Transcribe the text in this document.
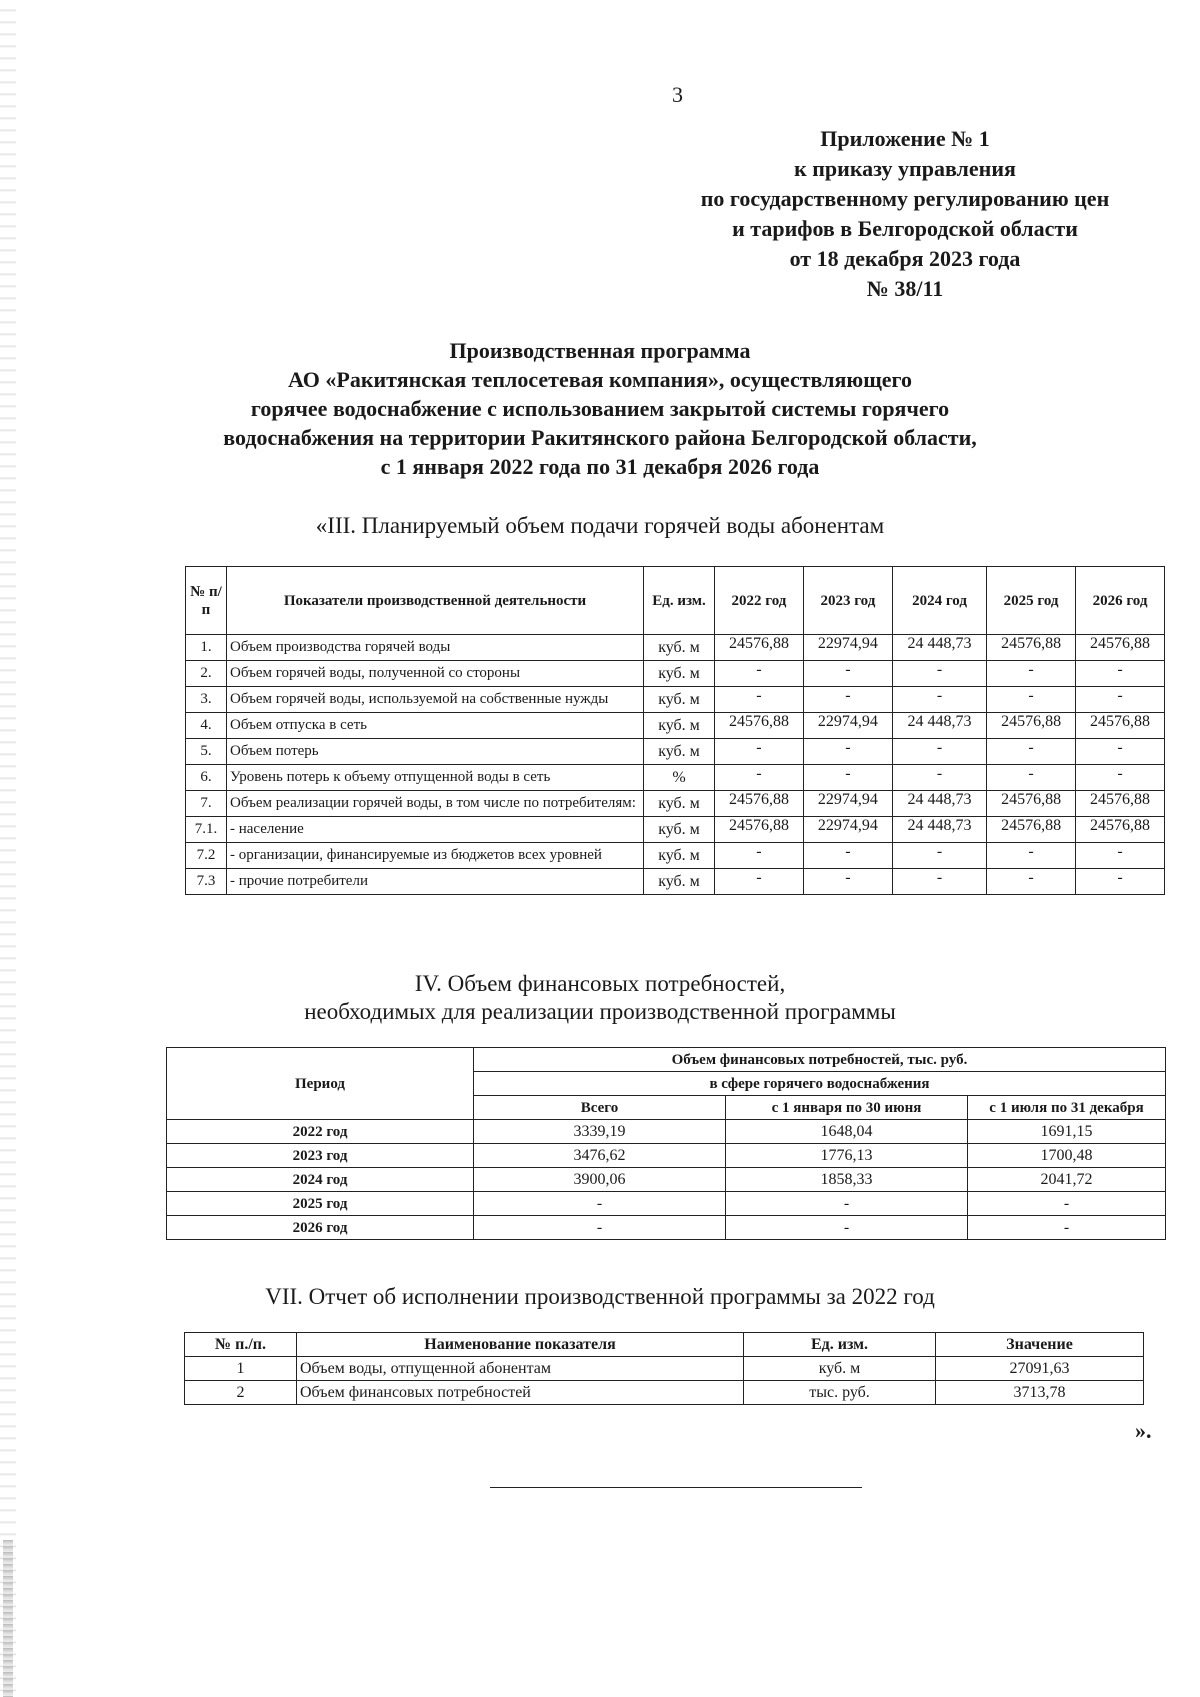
3
Приложение № 1
к приказу управления
по государственному регулированию цен
и тарифов в Белгородской области
от 18 декабря 2023 года
№ 38/11
Производственная программа
АО «Ракитянская теплосетевая компания», осуществляющего
горячее водоснабжение с использованием закрытой системы горячего
водоснабжения на территории Ракитянского района Белгородской области,
с 1 января 2022 года по 31 декабря 2026 года
«III. Планируемый объем подачи горячей воды абонентам
№ п/ п	Показатели производственной деятельности	Ед. изм.	2022 год	2023 год	2024 год	2025 год	2026 год
1.	Объем производства горячей воды	куб. м	24576,88	22974,94	24 448,73	24576,88	24576,88
2.	Объем горячей воды, полученной со стороны	куб. м	-	-	-	-	-
3.	Объем горячей воды, используемой на собственные нужды	куб. м	-	-	-	-	-
4.	Объем отпуска в сеть	куб. м	24576,88	22974,94	24 448,73	24576,88	24576,88
5.	Объем потерь	куб. м	-	-	-	-	-
6.	Уровень потерь к объему отпущенной воды в сеть	%	-	-	-	-	-
7.	Объем реализации горячей воды, в том числе по потребителям:	куб. м	24576,88	22974,94	24 448,73	24576,88	24576,88
7.1.	- население	куб. м	24576,88	22974,94	24 448,73	24576,88	24576,88
7.2	- организации, финансируемые из бюджетов всех уровней	куб. м	-	-	-	-	-
7.3	- прочие потребители	куб. м	-	-	-	-	-
IV. Объем финансовых потребностей,
необходимых для реализации производственной программы
Период	Объем финансовых потребностей, тыс. руб.		
	в сфере горячего водоснабжения		
	Всего	с 1 января по 30 июня	с 1 июля по 31 декабря
2022 год	3339,19	1648,04	1691,15
2023 год	3476,62	1776,13	1700,48
2024 год	3900,06	1858,33	2041,72
2025 год	-	-	-
2026 год	-	-	-
VII. Отчет об исполнении производственной программы за 2022 год
№ п./п.	Наименование показателя	Ед. изм.	Значение
1	Объем воды, отпущенной абонентам	куб. м	27091,63
2	Объем финансовых потребностей	тыс. руб.	3713,78
».
